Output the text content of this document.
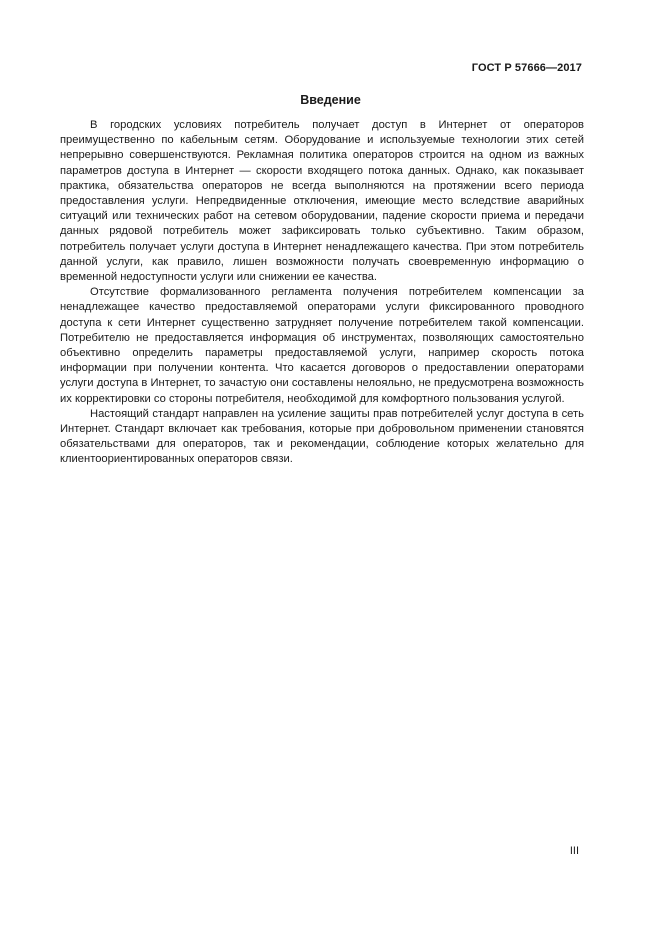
ГОСТ Р 57666—2017
Введение

В городских условиях потребитель получает доступ в Интернет от операторов преимущественно по кабельным сетям. Оборудование и используемые технологии этих сетей непрерывно совершенствуются. Рекламная политика операторов строится на одном из важных параметров доступа в Интернет — скорости входящего потока данных. Однако, как показывает практика, обязательства операторов не всегда выполняются на протяжении всего периода предоставления услуги. Непредвиденные отключения, имеющие место вследствие аварийных ситуаций или технических работ на сетевом оборудовании, падение скорости приема и передачи данных рядовой потребитель может зафиксировать только субъективно. Таким образом, потребитель получает услуги доступа в Интернет ненадлежащего качества. При этом потребитель данной услуги, как правило, лишен возможности получать своевременную информацию о временной недоступности услуги или снижении ее качества.

Отсутствие формализованного регламента получения потребителем компенсации за ненадлежащее качество предоставляемой операторами услуги фиксированного проводного доступа к сети Интернет существенно затрудняет получение потребителем такой компенсации. Потребителю не предоставляется информация об инструментах, позволяющих самостоятельно объективно определить параметры предоставляемой услуги, например скорость потока информации при получении контента. Что касается договоров о предоставлении операторами услуги доступа в Интернет, то зачастую они составлены нелояльно, не предусмотрена возможность их корректировки со стороны потребителя, необходимой для комфортного пользования услугой.

Настоящий стандарт направлен на усиление защиты прав потребителей услуг доступа в сеть Интернет. Стандарт включает как требования, которые при добровольном применении становятся обязательствами для операторов, так и рекомендации, соблюдение которых желательно для клиентоориентированных операторов связи.

III
